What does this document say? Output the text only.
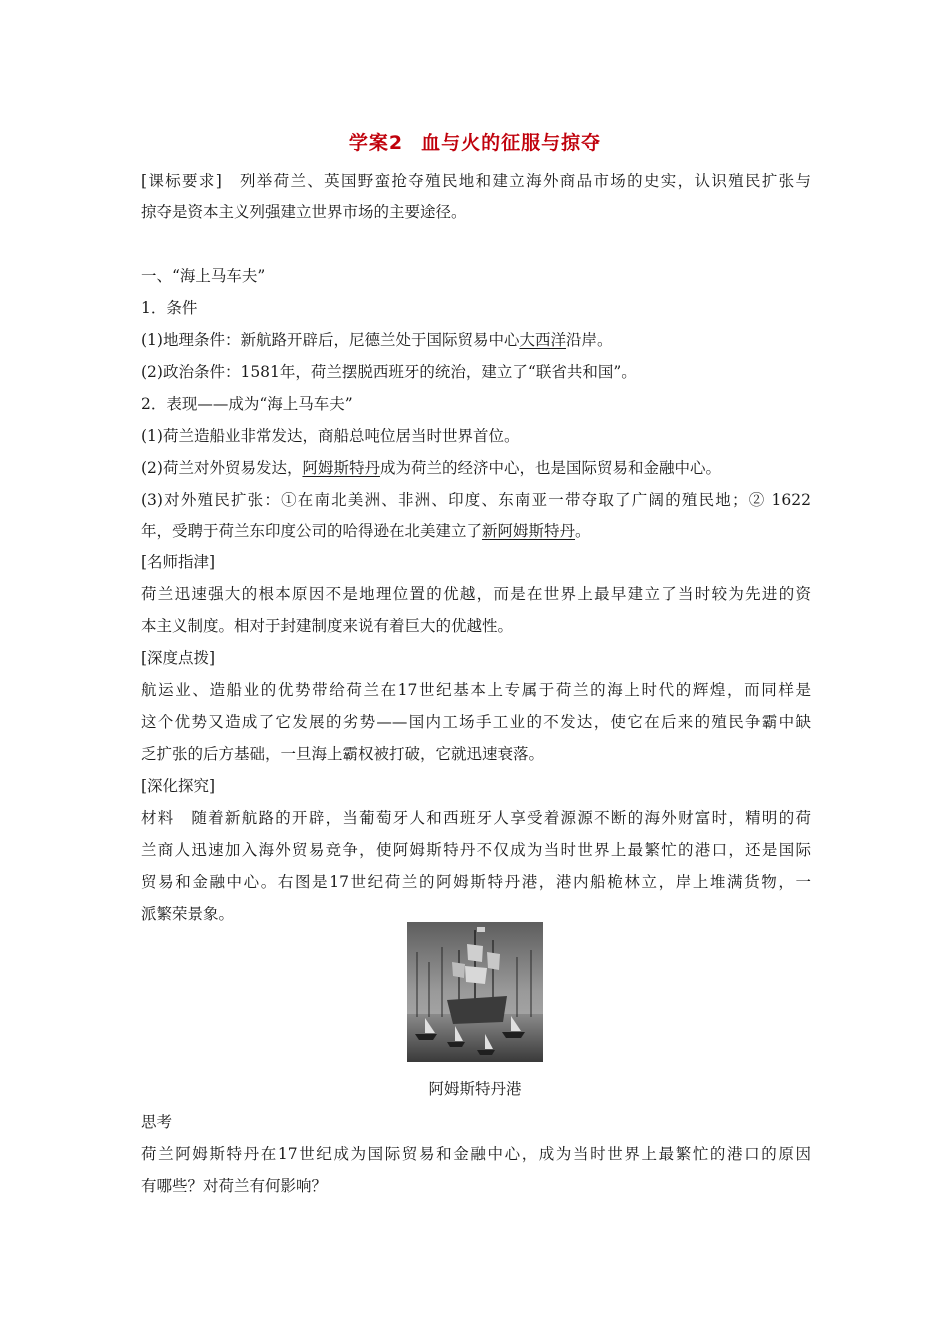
学案2 血与火的征服与掠夺
[课标要求]　列举荷兰、英国野蛮抢夺殖民地和建立海外商品市场的史实，认识殖民扩张与
掠夺是资本主义列强建立世界市场的主要途径。
一、“海上马车夫”
1．条件
(1)地理条件：新航路开辟后，尼德兰处于国际贸易中心大西洋沿岸。
(2)政治条件：1581年，荷兰摆脱西班牙的统治，建立了“联省共和国”。
2．表现——成为“海上马车夫”
(1)荷兰造船业非常发达，商船总吨位居当时世界首位。
(2)荷兰对外贸易发达，阿姆斯特丹成为荷兰的经济中心，也是国际贸易和金融中心。
(3)对外殖民扩张：①在南北美洲、非洲、印度、东南亚一带夺取了广阔的殖民地；② 1622
年，受聘于荷兰东印度公司的哈得逊在北美建立了新阿姆斯特丹。
[名师指津]
荷兰迅速强大的根本原因不是地理位置的优越，而是在世界上最早建立了当时较为先进的资
本主义制度。相对于封建制度来说有着巨大的优越性。
[深度点拨]
航运业、造船业的优势带给荷兰在17世纪基本上专属于荷兰的海上时代的辉煌，而同样是
这个优势又造成了它发展的劣势——国内工场手工业的不发达，使它在后来的殖民争霸中缺
乏扩张的后方基础，一旦海上霸权被打破，它就迅速衰落。
[深化探究]
材料　随着新航路的开辟，当葡萄牙人和西班牙人享受着源源不断的海外财富时，精明的荷
兰商人迅速加入海外贸易竞争，使阿姆斯特丹不仅成为当时世界上最繁忙的港口，还是国际
贸易和金融中心。右图是17世纪荷兰的阿姆斯特丹港，港内船桅林立，岸上堆满货物，一
派繁荣景象。
阿姆斯特丹港
思考
荷兰阿姆斯特丹在17世纪成为国际贸易和金融中心，成为当时世界上最繁忙的港口的原因
有哪些？对荷兰有何影响？
